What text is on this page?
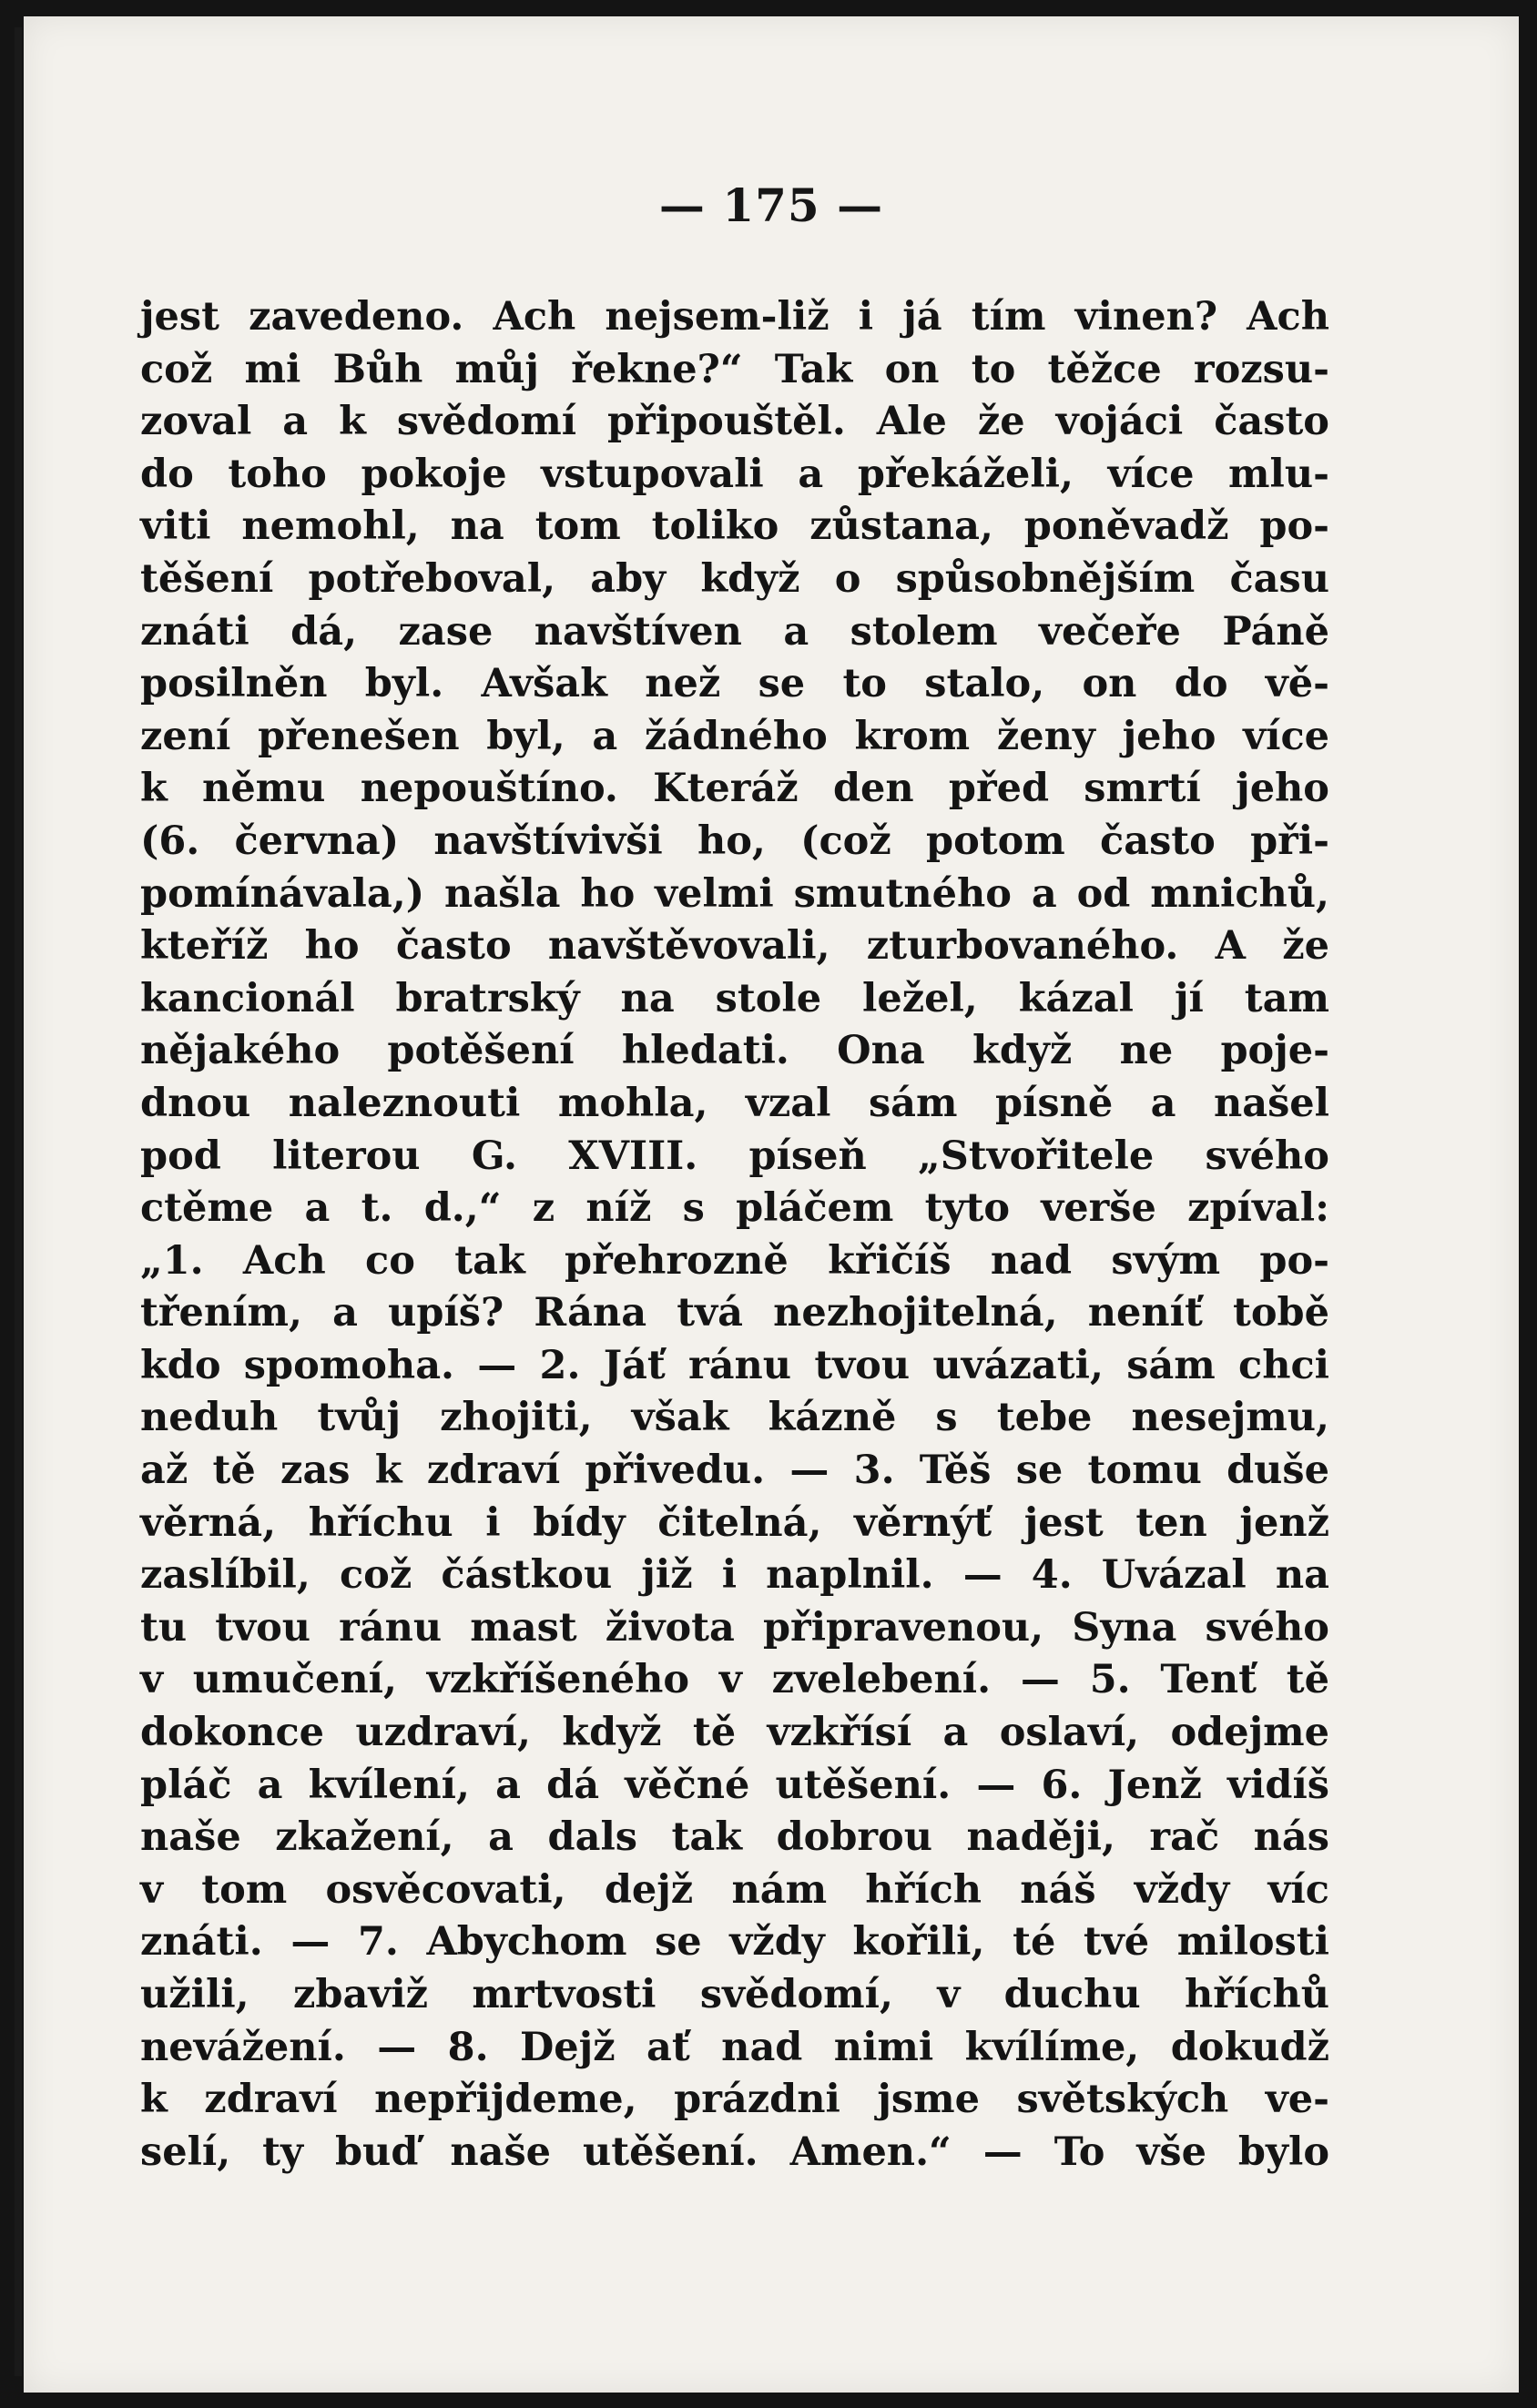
— 175 —
jest zavedeno. Ach nejsem-liž i já tím vinen? Ach
což mi Bůh můj řekne?“ Tak on to těžce rozsu-
zoval a k svědomí připouštěl. Ale že vojáci často
do toho pokoje vstupovali a překáželi, více mlu-
viti nemohl, na tom toliko zůstana, poněvadž po-
těšení potřeboval, aby když o spůsobnějším času
znáti dá, zase navštíven a stolem večeře Páně
posilněn byl. Avšak než se to stalo, on do vě-
zení přenešen byl, a žádného krom ženy jeho více
k němu nepouštíno. Kteráž den před smrtí jeho
(6. června) navštívivši ho, (což potom často při-
pomínávala,) našla ho velmi smutného a od mnichů,
kteříž ho často navštěvovali, zturbovaného. A že
kancionál bratrský na stole ležel, kázal jí tam
nějakého potěšení hledati. Ona když ne poje-
dnou naleznouti mohla, vzal sám písně a našel
pod literou G. XVIII. píseň „Stvořitele svého
ctěme a t. d.,“ z níž s pláčem tyto verše zpíval:
„1. Ach co tak přehrozně křičíš nad svým po-
třením, a upíš? Rána tvá nezhojitelná, neníť tobě
kdo spomoha. — 2. Jáť ránu tvou uvázati, sám chci
neduh tvůj zhojiti, však kázně s tebe nesejmu,
až tě zas k zdraví přivedu. — 3. Těš se tomu duše
věrná, hříchu i bídy čitelná, věrnýť jest ten jenž
zaslíbil, což částkou již i naplnil. — 4. Uvázal na
tu tvou ránu mast života připravenou, Syna svého
v umučení, vzkříšeného v zvelebení. — 5. Tenť tě
dokonce uzdraví, když tě vzkřísí a oslaví, odejme
pláč a kvílení, a dá věčné utěšení. — 6. Jenž vidíš
naše zkažení, a dals tak dobrou naději, rač nás
v tom osvěcovati, dejž nám hřích náš vždy víc
znáti. — 7. Abychom se vždy kořili, té tvé milosti
užili, zbaviž mrtvosti svědomí, v duchu hříchů
nevážení. — 8. Dejž ať nad nimi kvílíme, dokudž
k zdraví nepřijdeme, prázdni jsme světských ve-
selí, ty buď naše utěšení. Amen.“ — To vše bylo
